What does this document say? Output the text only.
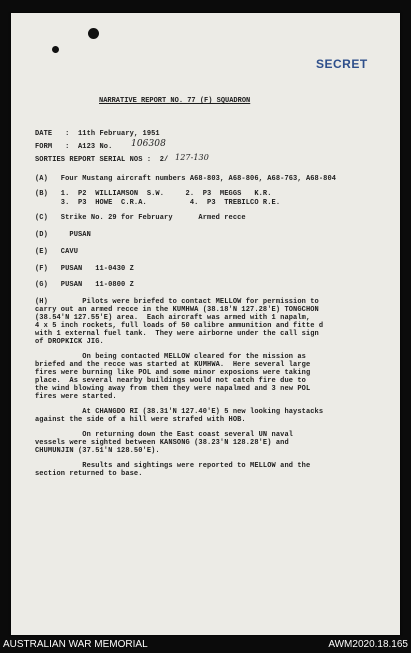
SECRET
NARRATIVE REPORT NO. 77 (F) SQUADRON
DATE   :  11th February, 1951
FORM   :  A123 No. 106308
SORTIES REPORT SERIAL NOS :  2/ 127-130
(A)   Four Mustang aircraft numbers A68-803, A68-806, A68-763, A68-804
(B)   1.  P2  WILLIAMSON  S.W.     2.  P3  MEGGS   K.R.
3.  P3  HOWE  C.R.A.          4.  P3  TREBILCO R.E.
(C)   Strike No. 29 for February      Armed recce
(D)     PUSAN
(E)   CAVU
(F)   PUSAN   11-0430 Z
(G)   PUSAN   11-0800 Z
(H)        Pilots were briefed to contact MELLOW for permission to
carry out an armed recce in the KUMHWA (38.18'N 127.28'E) TONGCHON
(38.54'N 127.55'E) area.  Each aircraft was armed with 1 napalm,
4 x 5 inch rockets, full loads of 50 calibre ammunition and fitte d
with 1 external fuel tank.  They were airborne under the call sign
of DROPKICK JIG.
On being contacted MELLOW cleared for the mission as
briefed and the recce was started at KUMHWA.  Here several large
fires were burning like POL and some minor exposions were taking
place.  As several nearby buildings would not catch fire due to
the wind blowing away from them they were napalmed and 3 new POL
fires were started.
At CHANGDO RI (38.31'N 127.40'E) 5 new looking haystacks
against the side of a hill were strafed with HOB.
On returning down the East coast several UN naval
vessels were sighted between KANSONG (38.23'N 128.28'E) and
CHUMUNJIN (37.51'N 128.50'E).
Results and sightings were reported to MELLOW and the
section returned to base.
AUSTRALIAN WAR MEMORIAL	AWM2020.18.165
